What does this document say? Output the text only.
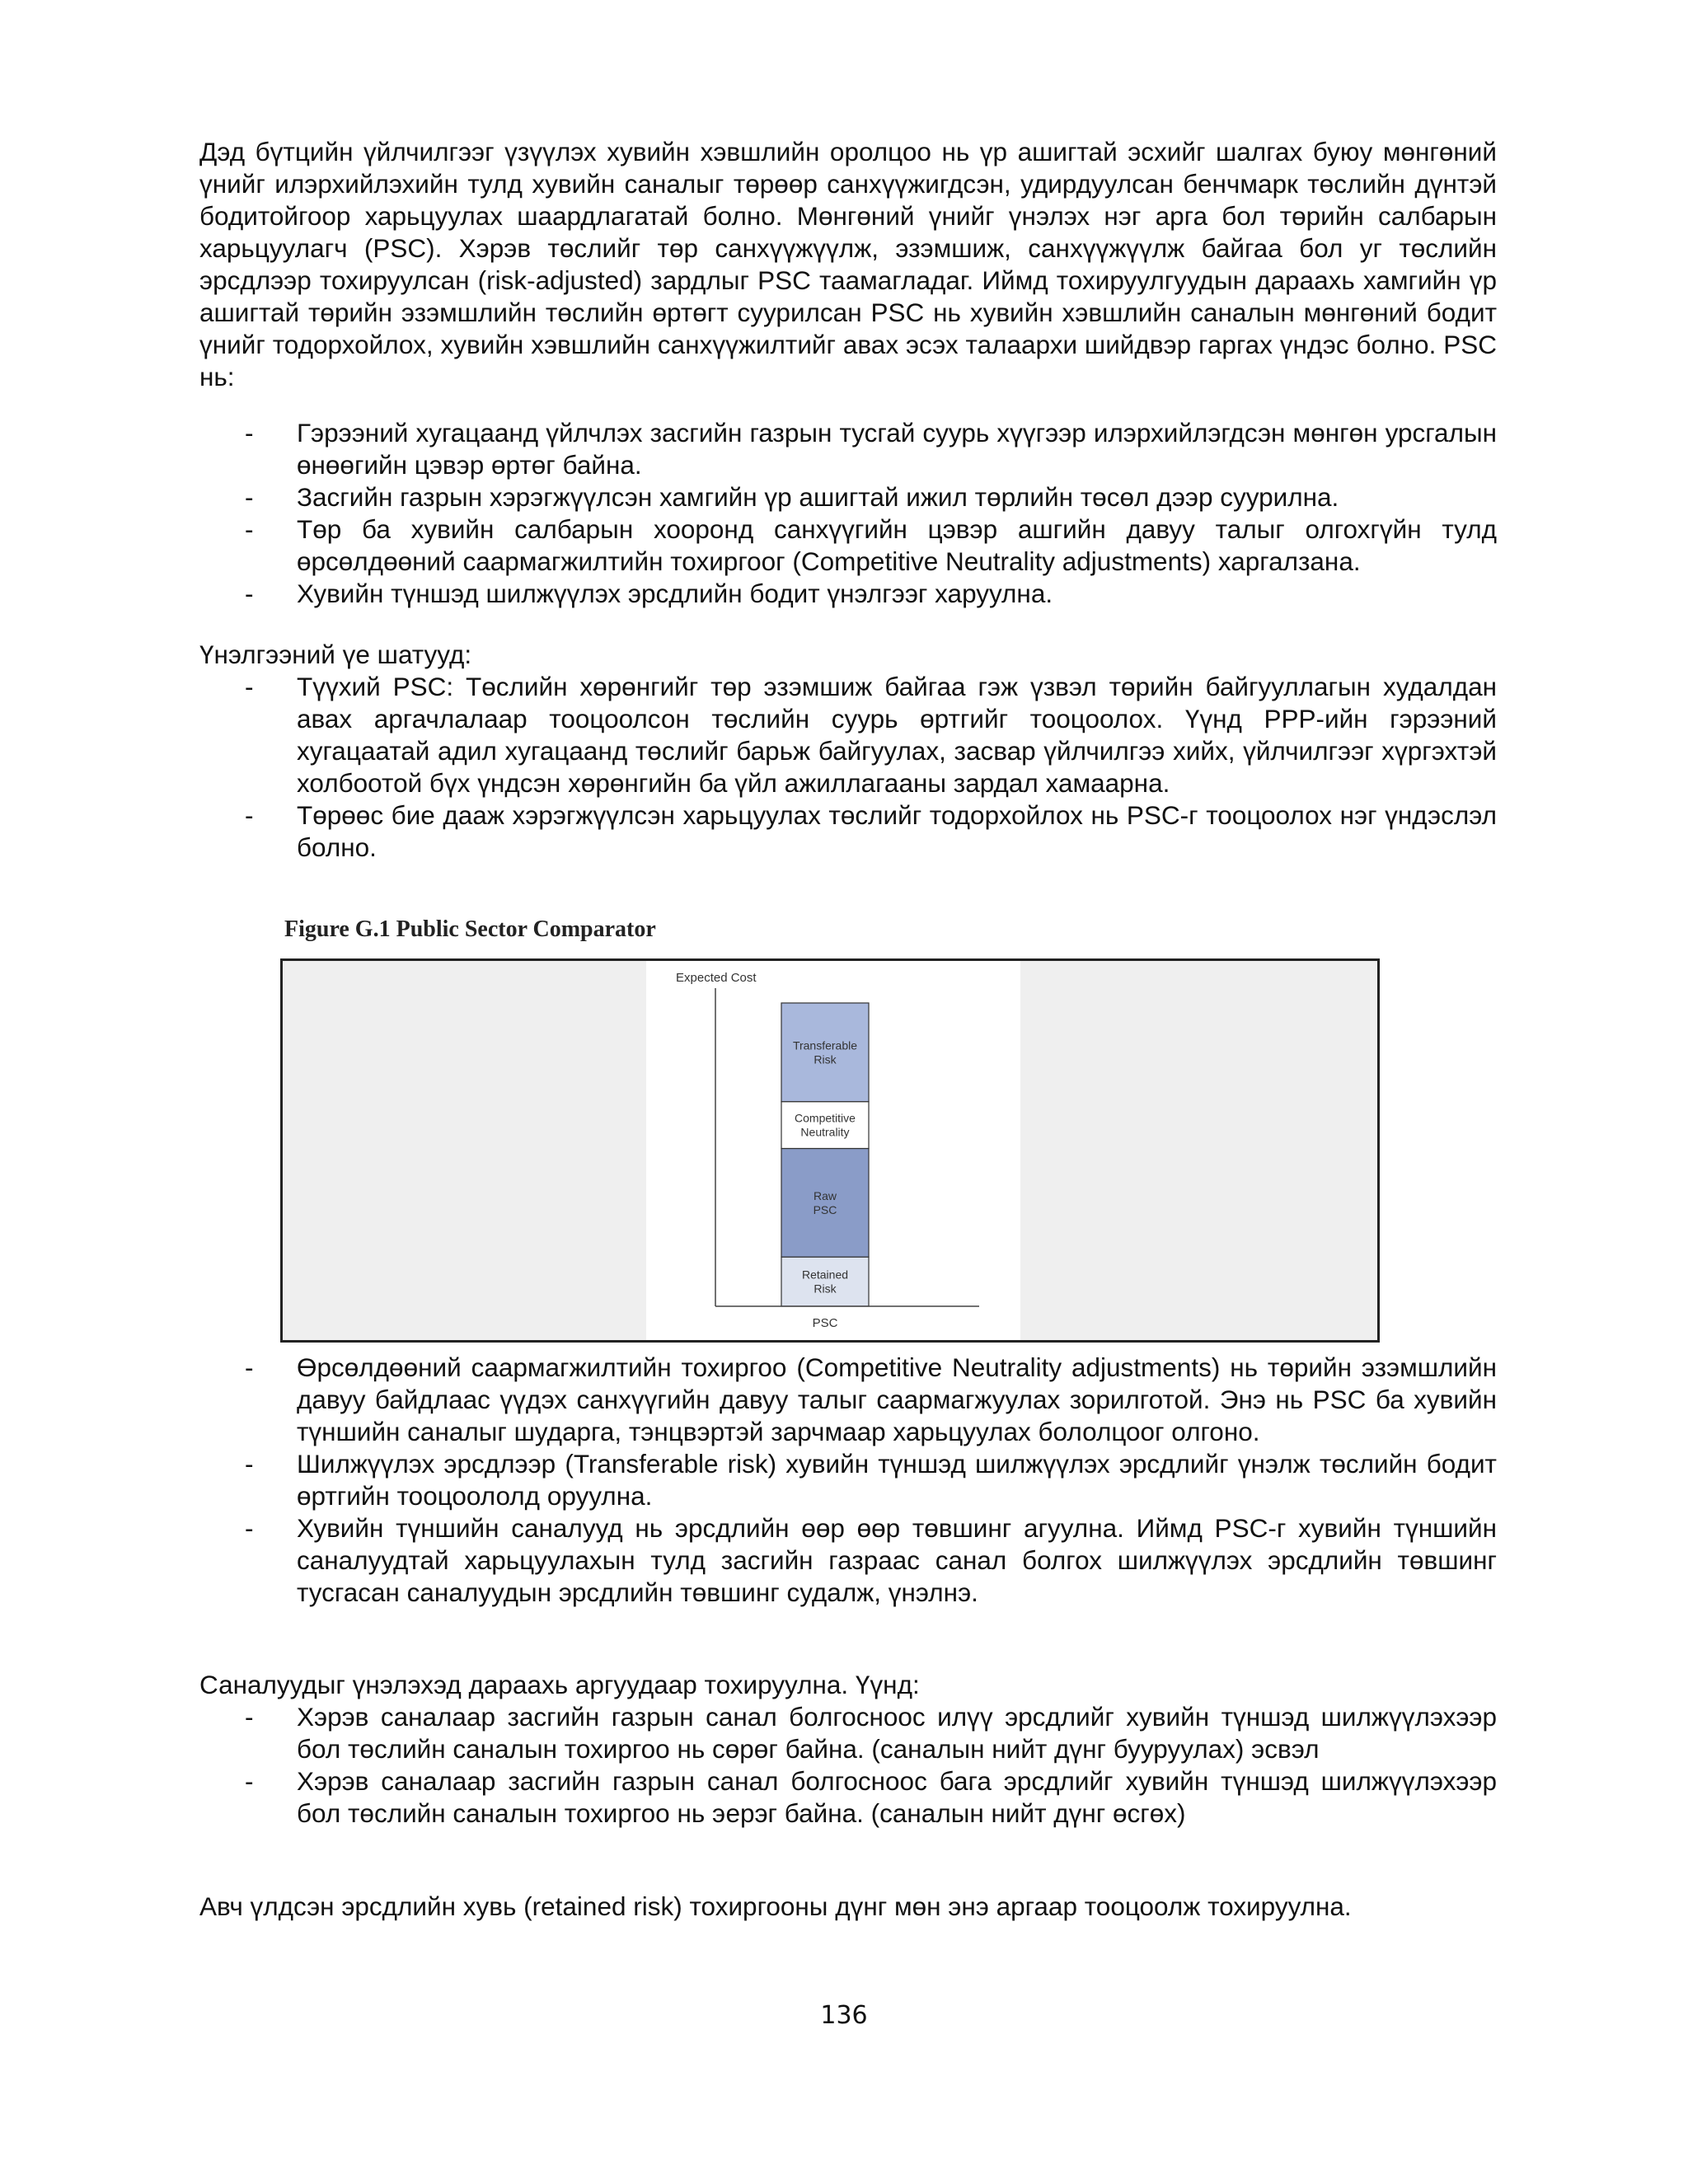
Дэд бүтцийн үйлчилгээг үзүүлэх хувийн хэвшлийн оролцоо нь үр ашигтай эсхийг шалгах буюу мөнгөний үнийг илэрхийлэхийн тулд хувийн саналыг төрөөр санхүүжигдсэн, удирдуулсан бенчмарк төслийн дүнтэй бодитойгоор харьцуулах шаардлагатай болно. Мөнгөний үнийг үнэлэх нэг арга бол төрийн салбарын харьцуулагч (PSC). Хэрэв төслийг төр санхүүжүүлж, эзэмшиж, санхүүжүүлж байгаа бол уг төслийн эрсдлээр тохируулсан (risk-adjusted) зардлыг PSC таамагладаг. Иймд тохируулгуудын дараахь хамгийн үр ашигтай төрийн эзэмшлийн төслийн өртөгт суурилсан PSC нь хувийн хэвшлийн саналын мөнгөний бодит үнийг тодорхойлох, хувийн хэвшлийн санхүүжилтийг авах эсэх талаархи шийдвэр гаргах үндэс болно. PSC нь:

- Гэрээний хугацаанд үйлчлэх засгийн газрын тусгай суурь хүүгээр илэрхийлэгдсэн мөнгөн урсгалын өнөөгийн цэвэр өртөг байна.
- Засгийн газрын хэрэгжүүлсэн хамгийн үр ашигтай ижил төрлийн төсөл дээр суурилна.
- Төр ба хувийн салбарын хооронд санхүүгийн цэвэр ашгийн давуу талыг олгохгүйн тулд өрсөлдөөний саармагжилтийн тохиргоог (Competitive Neutrality adjustments) харгалзана.
- Хувийн түншэд шилжүүлэх эрсдлийн бодит үнэлгээг харуулна.
Үнэлгээний үе шатууд:
- Түүхий PSC: Төслийн хөрөнгийг төр эзэмшиж байгаа гэж үзвэл төрийн байгууллагын худалдан авах аргачлалаар тооцоолсон төслийн суурь өртгийг тооцоолох. Үүнд PPP-ийн гэрээний хугацаатай адил хугацаанд төслийг барьж байгуулах, засвар үйлчилгээ хийх, үйлчилгээг хүргэхтэй холбоотой бүх үндсэн хөрөнгийн ба үйл ажиллагааны зардал хамаарна.
- Төрөөс бие дааж хэрэгжүүлсэн харьцуулах төслийг тодорхойлох нь PSC-г тооцоолох нэг үндэслэл болно.
Figure G.1 Public Sector Comparator
Expected Cost
Retained
Risk
Raw
PSC
Competitive
Neutrality
Transferable
Risk
PSC
- Өрсөлдөөний саармагжилтийн тохиргоо (Competitive Neutrality adjustments) нь төрийн эзэмшлийн давуу байдлаас үүдэх санхүүгийн давуу талыг саармагжуулах зорилготой. Энэ нь PSC ба хувийн түншийн саналыг шударга, тэнцвэртэй зарчмаар харьцуулах бололцоог олгоно.
- Шилжүүлэх эрсдлээр (Transferable risk) хувийн түншэд шилжүүлэх эрсдлийг үнэлж төслийн бодит өртгийн тооцоололд оруулна.
- Хувийн түншийн саналууд нь эрсдлийн өөр өөр төвшинг агуулна. Иймд PSC-г хувийн түншийн саналуудтай харьцуулахын тулд засгийн газраас санал болгох шилжүүлэх эрсдлийн төвшинг тусгасан саналуудын эрсдлийн төвшинг судалж, үнэлнэ.
Саналуудыг үнэлэхэд дараахь аргуудаар тохируулна. Үүнд:
- Хэрэв саналаар засгийн газрын санал болгосноос илүү эрсдлийг хувийн түншэд шилжүүлэхээр бол төслийн саналын тохиргоо нь сөрөг байна. (саналын нийт дүнг бууруулах) эсвэл
- Хэрэв саналаар засгийн газрын санал болгосноос бага эрсдлийг хувийн түншэд шилжүүлэхээр бол төслийн саналын тохиргоо нь эерэг байна. (саналын нийт дүнг өсгөх)
Авч үлдсэн эрсдлийн хувь (retained risk) тохиргооны дүнг мөн энэ аргаар тооцоолж тохируулна.
136
